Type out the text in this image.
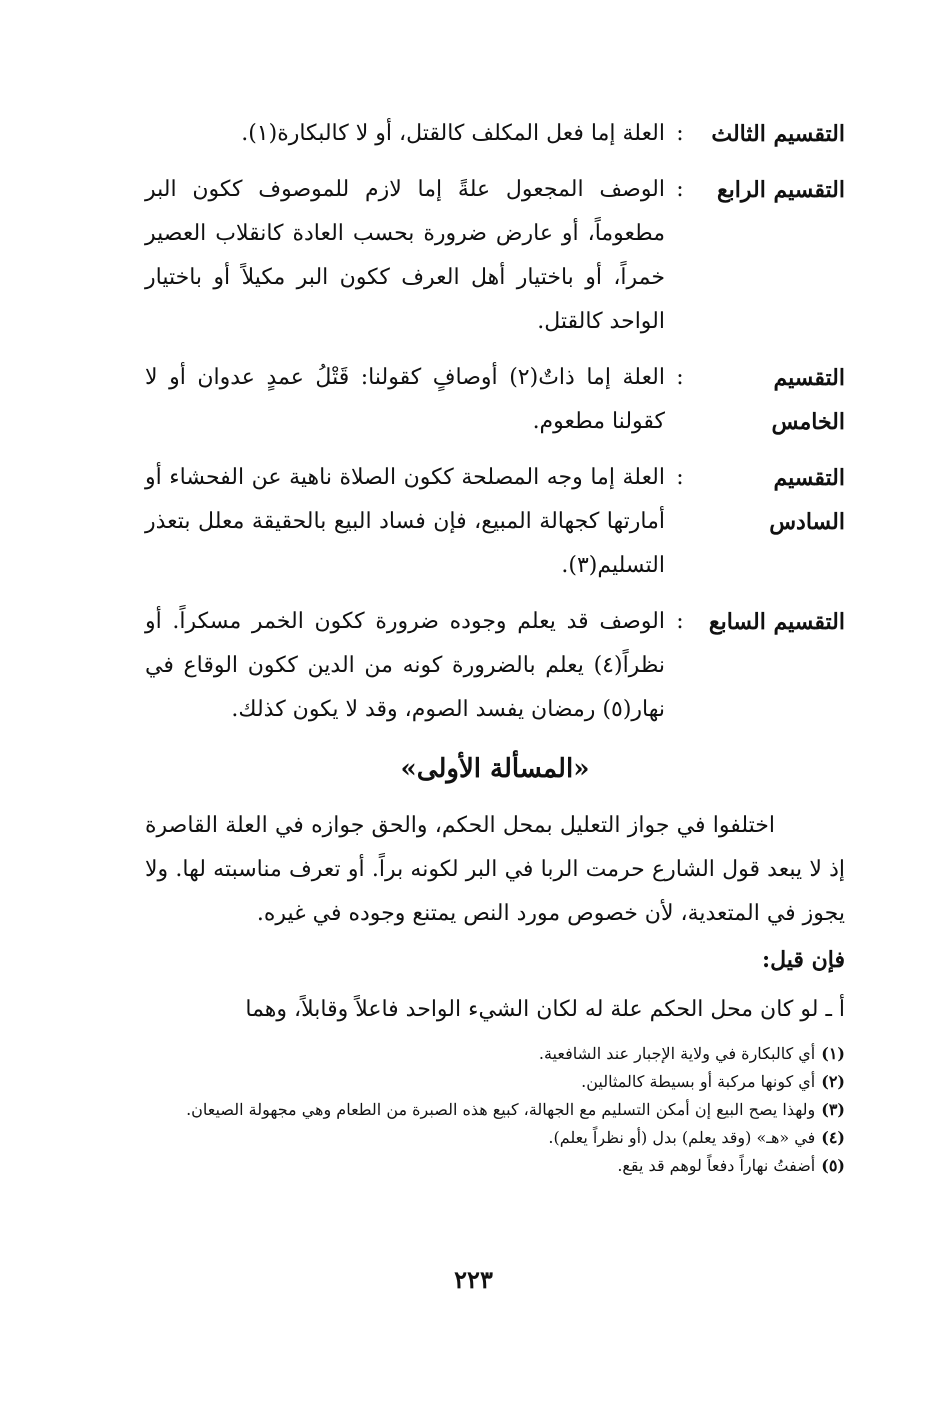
التقسيم الثالث
:
العلة إما فعل المكلف كالقتل، أو لا كالبكارة(١).
التقسيم الرابع
:
الوصف المجعول علةً إما لازم للموصوف ككون البر مطعوماً، أو عارض ضرورة بحسب العادة كانقلاب العصير خمراً، أو باختيار أهل العرف ككون البر مكيلاً أو باختيار الواحد كالقتل.
التقسيم الخامس
:
العلة إما ذاتٌ(٢) أوصافٍ كقولنا: قَتْلُ عمدٍ عدوان أو لا كقولنا مطعوم.
التقسيم السادس
:
العلة إما وجه المصلحة ككون الصلاة ناهية عن الفحشاء أو أمارتها كجهالة المبيع، فإن فساد البيع بالحقيقة معلل بتعذر التسليم(٣).
التقسيم السابع
:
الوصف قد يعلم وجوده ضرورة ككون الخمر مسكراً. أو نظراً(٤) يعلم بالضرورة كونه من الدين ككون الوقاع في نهار(٥) رمضان يفسد الصوم، وقد لا يكون كذلك.
«المسألة الأولى»
اختلفوا في جواز التعليل بمحل الحكم، والحق جوازه في العلة القاصرة إذ لا يبعد قول الشارع حرمت الربا في البر لكونه براً. أو تعرف مناسبته لها. ولا يجوز في المتعدية، لأن خصوص مورد النص يمتنع وجوده في غيره.
فإن قيل:
أ ـ لو كان محل الحكم علة له لكان الشيء الواحد فاعلاً وقابلاً، وهما
(١)أي كالبكارة في ولاية الإجبار عند الشافعية.
(٢)أي كونها مركبة أو بسيطة كالمثالين.
(٣)ولهذا يصح البيع إن أمكن التسليم مع الجهالة، كبيع هذه الصبرة من الطعام وهي مجهولة الصيعان.
(٤)في «هـ» (وقد يعلم) بدل (أو نظراً يعلم).
(٥)أضفتُ نهاراً دفعاً لوهم قد يقع.
٢٢٣
